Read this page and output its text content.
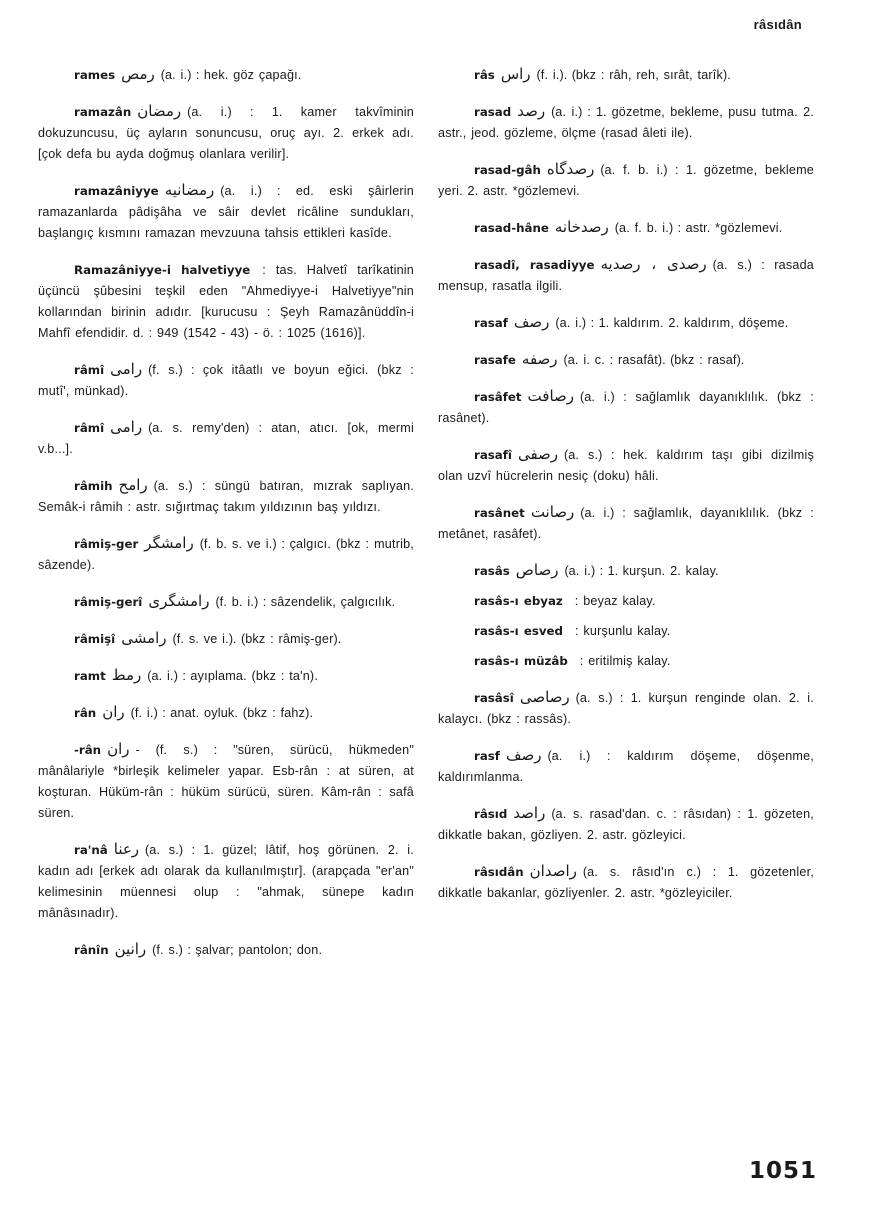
râsıdân

rames رمص (a. i.) : hek. göz çapağı.

ramazân رمضان (a. i.) : 1. kamer takvîminin dokuzuncusu, üç ayların sonuncusu, oruç ayı. 2. erkek adı. [çok defa bu ayda doğmuş olanlara verilir].

ramazâniyye رمضانيه (a. i.) : ed. eski şâirlerin ramazanlarda pâdişâha ve sâir devlet ricâline sundukları, başlangıç kısmını ramazan mevzuuna tahsis ettikleri kasîde.

Ramazâniyye-i halvetiyye : tas. Halvetî tarîkatinin üçüncü şûbesini teşkil eden "Ahmediyye-i Halvetiyye"nin kollarından birinin adıdır. [kurucusu : Şeyh Ramazânüddîn-i Mahfî efendidir. d. : 949 (1542 - 43) - ö. : 1025 (1616)].

râmî رامى (f. s.) : çok itâatlı ve boyun eğici. (bkz : mutî', münkad).

râmî رامى (a. s. remy'den) : atan, atıcı. [ok, mermi v.b...].

râmih رامح (a. s.) : süngü batıran, mızrak saplıyan. Semâk-i râmih : astr. sığırtmaç takım yıldızının baş yıldızı.

râmiş-ger رامشگر (f. b. s. ve i.) : çalgıcı. (bkz : mutrib, sâzende).

râmiş-gerî رامشگرى (f. b. i.) : sâzendelik, çalgıcılık.

râmişî رامشى (f. s. ve i.). (bkz : râmiş-ger).

ramt رمط (a. i.) : ayıplama. (bkz : ta'n).

rân ران (f. i.) : anat. oyluk. (bkz : fahz).

-rân ران - (f. s.) : "süren, sürücü, hükmeden" mânâlariyle *birleşik kelimeler yapar. Esb-rân : at süren, at koşturan. Hüküm-rân : hüküm sürücü, süren. Kâm-rân : safâ süren.

ra'nâ رعنا (a. s.) : 1. güzel; lâtif, hoş görünen. 2. i. kadın adı [erkek adı olarak da kullanılmıştır]. (arapçada "er'an" kelimesinin müennesi olup : "ahmak, sünepe kadın mânâsınadır).

rânîn رانين (f. s.) : şalvar; pantolon; don.

râs راس (f. i.). (bkz : râh, reh, sırât, tarîk).

rasad رصد (a. i.) : 1. gözetme, bekleme, pusu tutma. 2. astr., jeod. gözleme, ölçme (rasad âleti ile).

rasad-gâh رصدگاه (a. f. b. i.) : 1. gözetme, bekleme yeri. 2. astr. *gözlemevi.

rasad-hâne رصدخانه (a. f. b. i.) : astr. *gözlemevi.

rasadî, rasadiyye رصدى ، رصديه (a. s.) : rasada mensup, rasatla ilgili.

rasaf رصف (a. i.) : 1. kaldırım. 2. kaldırım, döşeme.

rasafe رصفه (a. i. c. : rasafât). (bkz : rasaf).

rasâfet رصافت (a. i.) : sağlamlık dayanıklılık. (bkz : rasânet).

rasafî رصفى (a. s.) : hek. kaldırım taşı gibi dizilmiş olan uzvî hücrelerin nesiç (doku) hâli.

rasânet رصانت (a. i.) : sağlamlık, dayanıklılık. (bkz : metânet, rasâfet).

rasâs رصاص (a. i.) : 1. kurşun. 2. kalay.

rasâs-ı ebyaz : beyaz kalay.

rasâs-ı esved : kurşunlu kalay.

rasâs-ı müzâb : eritilmiş kalay.

rasâsî رصاصى (a. s.) : 1. kurşun renginde olan. 2. i. kalaycı. (bkz : rassâs).

rasf رصف (a. i.) : kaldırım döşeme, döşenme, kaldırımlanma.

râsıd راصد (a. s. rasad'dan. c. : râsıdan) : 1. gözeten, dikkatle bakan, gözliyen. 2. astr. gözleyici.

râsıdân راصدان (a. s. râsıd'ın c.) : 1. gözetenler, dikkatle bakanlar, gözliyenler. 2. astr. *gözleyiciler.

1051
